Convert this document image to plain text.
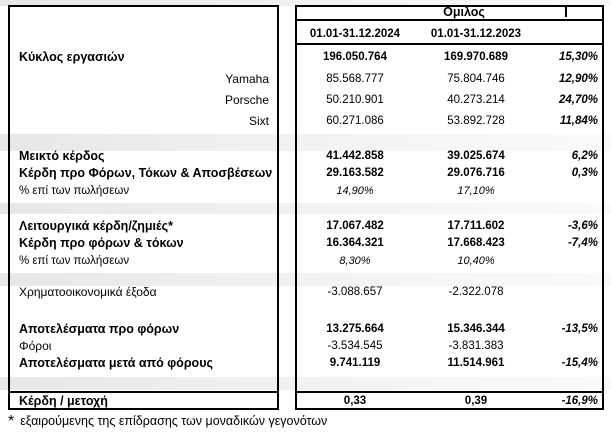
Ομιλος
01.01-31.12.2024	01.01-31.12.2023
Κύκλος εργασιών	196.050.764	169.970.689	15,30%
Yamaha	85.568.777	75.804.746	12,90%
Porsche	50.210.901	40.273.214	24,70%
Sixt	60.271.086	53.892.728	11,84%
Μεικτό κέρδος	41.442.858	39.025.674	6,2%
Κέρδη προ Φόρων, Τόκων & Αποσβέσεων	29.163.582	29.076.716	0,3%
% επί των πωλήσεων	14,90%	17,10%
Λειτουργικά κέρδη/ζημιές*	17.067.482	17.711.602	-3,6%
Κέρδη προ φόρων & τόκων	16.364.321	17.668.423	-7,4%
% επί των πωλήσεων	8,30%	10,40%
Χρηματοοικονομικά έξοδα	-3.088.657	-2.322.078
Αποτελέσματα προ φόρων	13.275.664	15.346.344	-13,5%
Φόροι	-3.534.545	-3.831.383
Αποτελέσματα μετά από φόρους	9.741.119	11.514.961	-15,4%
Κέρδη / μετοχή	0,33	0,39	-16,9%
* εξαιρούμενης της επίδρασης των μοναδικών γεγονότων
